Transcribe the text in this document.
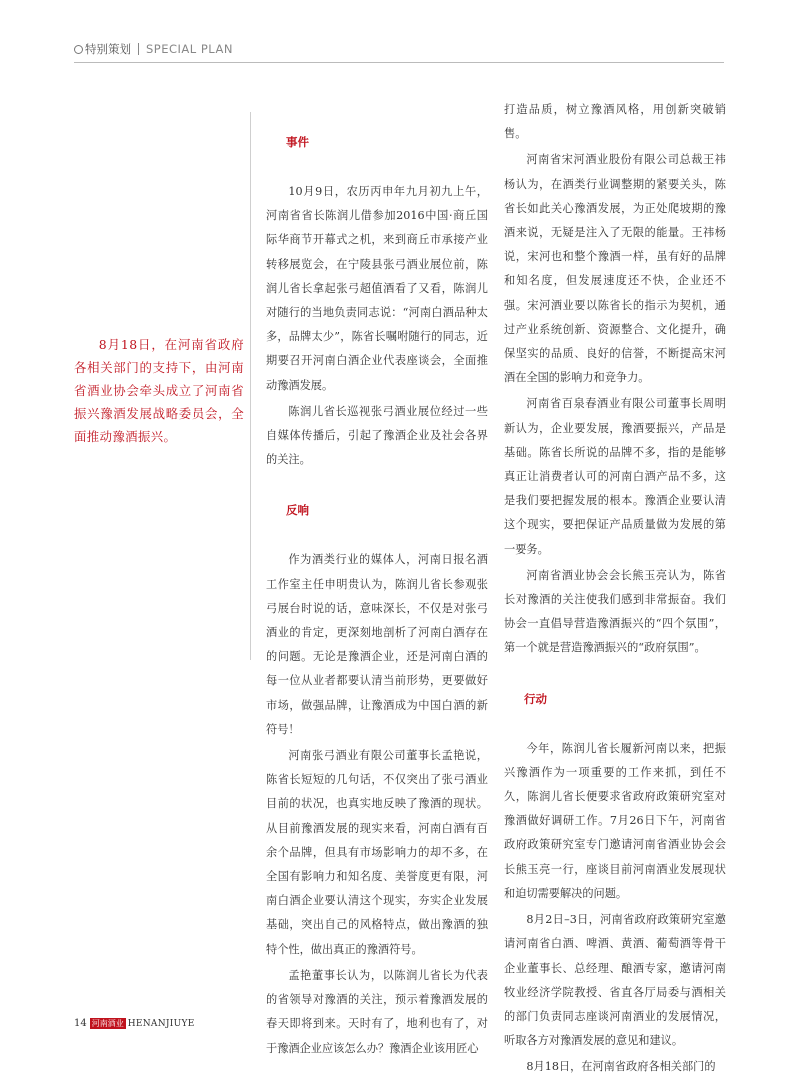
特别策划 SPECIAL PLAN
8月18日，在河南省政府各相关部门的支持下，由河南省酒业协会牵头成立了河南省振兴豫酒发展战略委员会，全面推动豫酒振兴。
事件

10月9日，农历丙申年九月初九上午，河南省省长陈润儿借参加2016中国·商丘国际华商节开幕式之机，来到商丘市承接产业转移展览会，在宁陵县张弓酒业展位前，陈润儿省长拿起张弓超值酒看了又看，陈润儿对随行的当地负责同志说：“河南白酒品种太多，品牌太少”，陈省长嘱咐随行的同志，近期要召开河南白酒企业代表座谈会，全面推动豫酒发展。

陈润儿省长巡视张弓酒业展位经过一些自媒体传播后，引起了豫酒企业及社会各界的关注。

反响

作为酒类行业的媒体人，河南日报名酒工作室主任申明贵认为，陈润儿省长参观张弓展台时说的话，意味深长，不仅是对张弓酒业的肯定，更深刻地剖析了河南白酒存在的问题。无论是豫酒企业，还是河南白酒的每一位从业者都要认清当前形势，更要做好市场，做强品牌，让豫酒成为中国白酒的新符号！

河南张弓酒业有限公司董事长孟艳说，陈省长短短的几句话，不仅突出了张弓酒业目前的状况，也真实地反映了豫酒的现状。从目前豫酒发展的现实来看，河南白酒有百余个品牌，但具有市场影响力的却不多，在全国有影响力和知名度、美誉度更有限，河南白酒企业要认清这个现实，夯实企业发展基础，突出自己的风格特点，做出豫酒的独特个性，做出真正的豫酒符号。

孟艳董事长认为，以陈润儿省长为代表的省领导对豫酒的关注，预示着豫酒发展的春天即将到来。天时有了，地利也有了，对于豫酒企业应该怎么办？豫酒企业该用匠心

打造品质，树立豫酒风格，用创新突破销售。

河南省宋河酒业股份有限公司总裁王祎杨认为，在酒类行业调整期的紧要关头，陈省长如此关心豫酒发展，为正处爬坡期的豫酒来说，无疑是注入了无限的能量。王祎杨说，宋河也和整个豫酒一样，虽有好的品牌和知名度，但发展速度还不快，企业还不强。宋河酒业要以陈省长的指示为契机，通过产业系统创新、资源整合、文化提升，确保坚实的品质、良好的信誉，不断提高宋河酒在全国的影响力和竞争力。

河南省百泉春酒业有限公司董事长周明新认为，企业要发展，豫酒要振兴，产品是基础。陈省长所说的品牌不多，指的是能够真正让消费者认可的河南白酒产品不多，这是我们要把握发展的根本。豫酒企业要认清这个现实，要把保证产品质量做为发展的第一要务。

河南省酒业协会会长熊玉亮认为，陈省长对豫酒的关注使我们感到非常振奋。我们协会一直倡导营造豫酒振兴的“四个氛围”，第一个就是营造豫酒振兴的“政府氛围”。

行动

今年，陈润儿省长履新河南以来，把振兴豫酒作为一项重要的工作来抓，到任不久，陈润儿省长便要求省政府政策研究室对豫酒做好调研工作。7月26日下午，河南省政府政策研究室专门邀请河南省酒业协会会长熊玉亮一行，座谈目前河南酒业发展现状和迫切需要解决的问题。

8月2日–3日，河南省政府政策研究室邀请河南省白酒、啤酒、黄酒、葡萄酒等骨干企业董事长、总经理、酿酒专家，邀请河南牧业经济学院教授、省直各厅局委与酒相关的部门负责同志座谈河南酒业的发展情况，听取各方对豫酒发展的意见和建议。

8月18日，在河南省政府各相关部门的

14 河南酒业 HENANJIUYE
